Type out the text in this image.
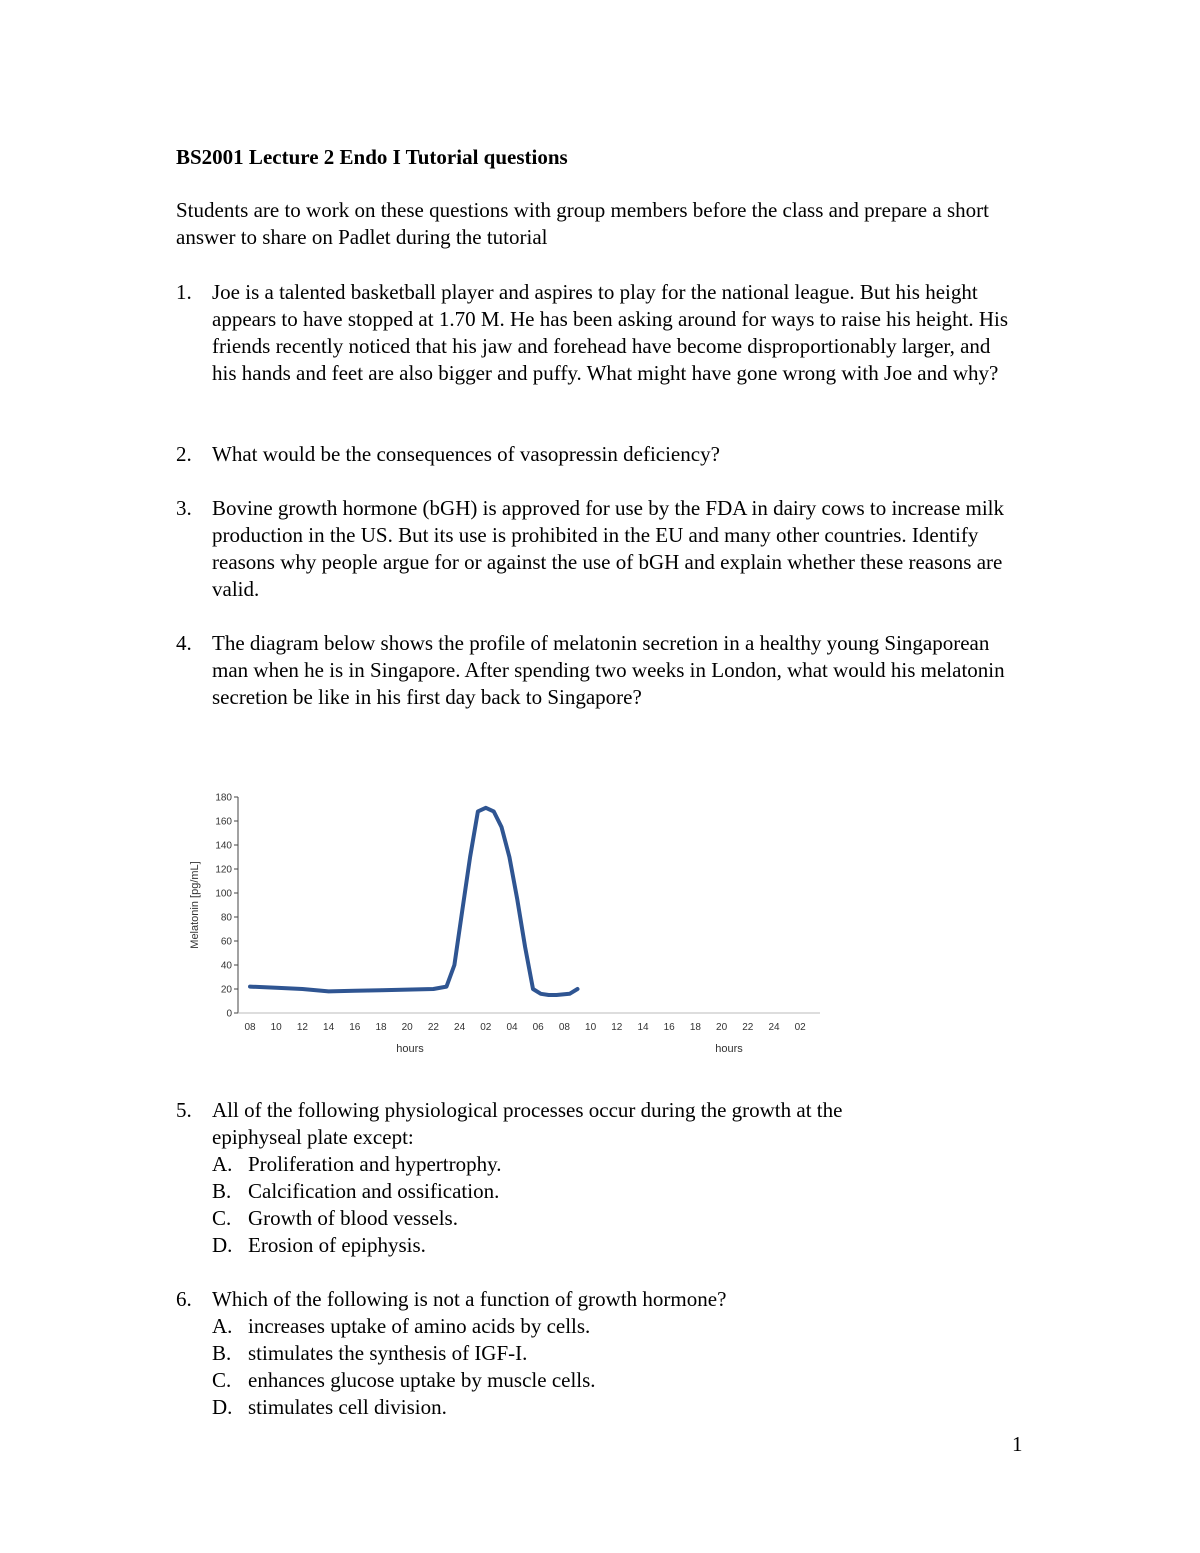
BS2001 Lecture 2 Endo I Tutorial questions
Students are to work on these questions with group members before the class and prepare a short answer to share on Padlet during the tutorial
1. Joe is a talented basketball player and aspires to play for the national league. But his height appears to have stopped at 1.70 M. He has been asking around for ways to raise his height. His friends recently noticed that his jaw and forehead have become disproportionably larger, and his hands and feet are also bigger and puffy. What might have gone wrong with Joe and why?
2. What would be the consequences of vasopressin deficiency?
3. Bovine growth hormone (bGH) is approved for use by the FDA in dairy cows to increase milk production in the US. But its use is prohibited in the EU and many other countries. Identify reasons why people argue for or against the use of bGH and explain whether these reasons are valid.
4. The diagram below shows the profile of melatonin secretion in a healthy young Singaporean man when he is in Singapore. After spending two weeks in London, what would his melatonin secretion be like in his first day back to Singapore?
0
20
40
60
80
100
120
140
160
180
08 10 12 14 16 18 20 22 24 02 04 06 08 10 12 14 16 18 20 22 24 02
Melatonin [pg/mL]
hours	hours
5. All of the following physiological processes occur during the growth at the epiphyseal plate except:
A. Proliferation and hypertrophy.
B. Calcification and ossification.
C. Growth of blood vessels.
D. Erosion of epiphysis.
6. Which of the following is not a function of growth hormone?
A. increases uptake of amino acids by cells.
B. stimulates the synthesis of IGF-I.
C. enhances glucose uptake by muscle cells.
D. stimulates cell division.
1
